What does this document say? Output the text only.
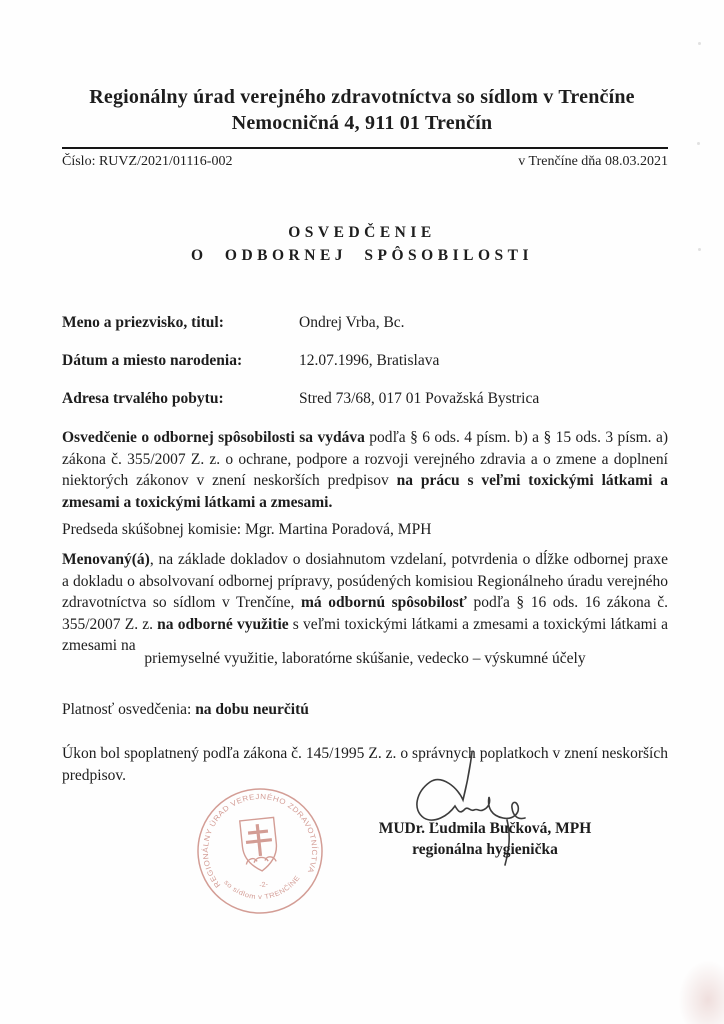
Regionálny úrad verejného zdravotníctva so sídlom v Trenčíne
Nemocničná 4, 911 01 Trenčín
Číslo: RUVZ/2021/01116-002	v Trenčíne dňa 08.03.2021
OSVEDČENIE
O ODBORNEJ SPÔSOBILOSTI
Meno a priezvisko, titul:	Ondrej Vrba, Bc.
Dátum a miesto narodenia:	12.07.1996, Bratislava
Adresa trvalého pobytu:	Stred 73/68, 017 01 Považská Bystrica

Osvedčenie o odbornej spôsobilosti sa vydáva podľa § 6 ods. 4 písm. b) a § 15 ods. 3 písm. a) zákona č. 355/2007 Z. z. o ochrane, podpore a rozvoji verejného zdravia a o zmene a doplnení niektorých zákonov v znení neskorších predpisov na prácu s veľmi toxickými látkami a zmesami a toxickými látkami a zmesami.

Predseda skúšobnej komisie: Mgr. Martina Poradová, MPH

Menovaný(á), na základe dokladov o dosiahnutom vzdelaní, potvrdenia o dĺžke odbornej praxe a dokladu o absolvovaní odbornej prípravy, posúdených komisiou Regionálneho úradu verejného zdravotníctva so sídlom v Trenčíne, má odbornú spôsobilosť podľa § 16 ods. 16 zákona č. 355/2007 Z. z. na odborné využitie s veľmi toxickými látkami a zmesami a toxickými látkami a zmesami na

priemyselné využitie, laboratórne skúšanie, vedecko – výskumné účely
Platnosť osvedčenia: na dobu neurčitú

Úkon bol spoplatnený podľa zákona č. 145/1995 Z. z. o správnych poplatkoch v znení neskorších predpisov.

REGIONÁLNY ÚRAD VEREJNÉHO ZDRAVOTNÍCTVA
so sídlom v TRENČÍNE
-2-
MUDr. Ľudmila Bučková, MPH
regionálna hygienička
